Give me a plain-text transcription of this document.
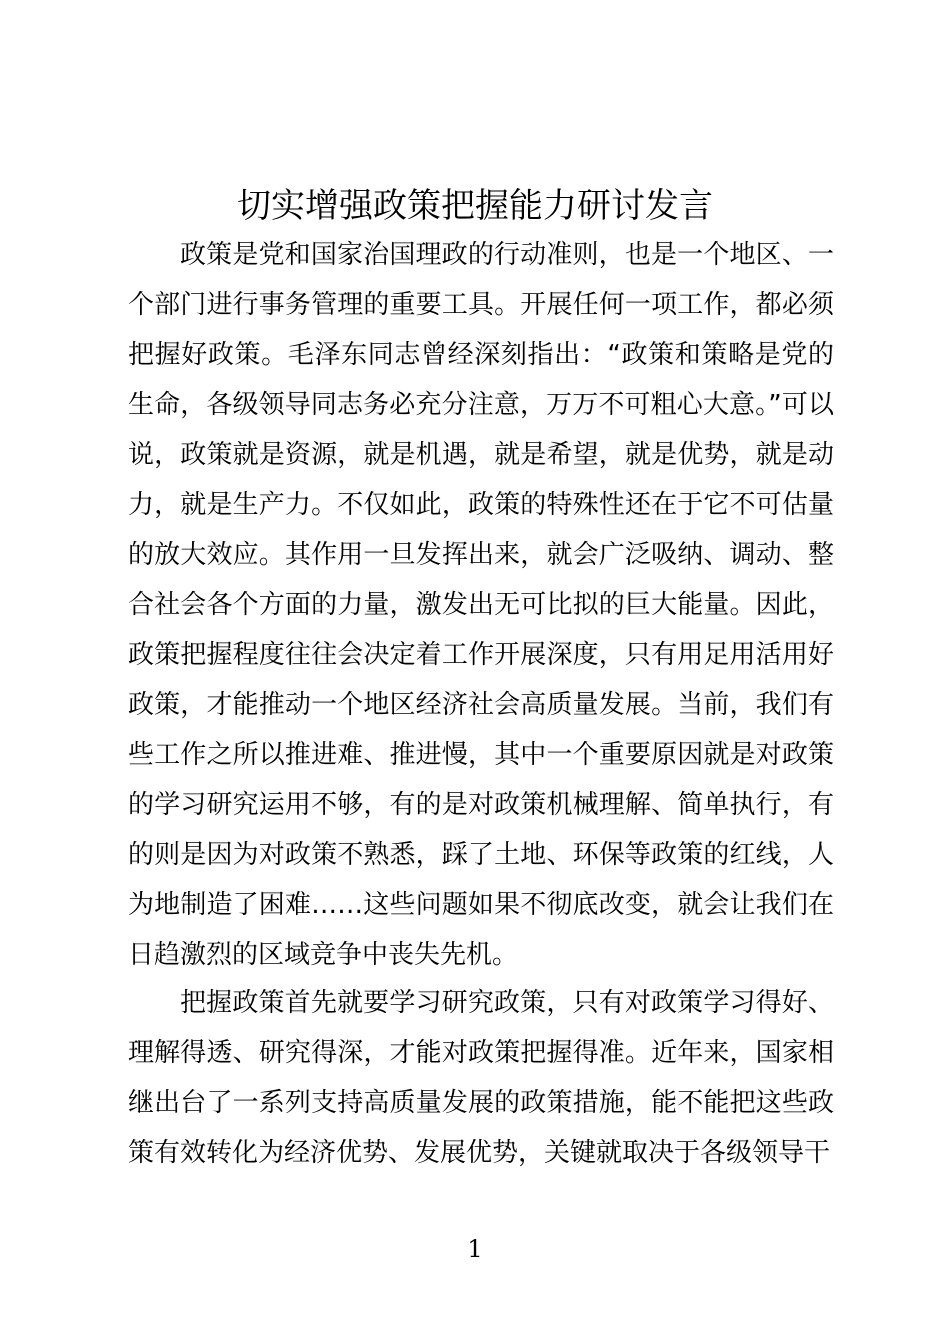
切实增强政策把握能力研讨发言

政策是党和国家治国理政的行动准则，也是一个地区、一个部门进行事务管理的重要工具。开展任何一项工作，都必须把握好政策。毛泽东同志曾经深刻指出：“政策和策略是党的生命，各级领导同志务必充分注意，万万不可粗心大意。”可以说，政策就是资源，就是机遇，就是希望，就是优势，就是动力，就是生产力。不仅如此，政策的特殊性还在于它不可估量的放大效应。其作用一旦发挥出来，就会广泛吸纳、调动、整合社会各个方面的力量，激发出无可比拟的巨大能量。因此，政策把握程度往往会决定着工作开展深度，只有用足用活用好政策，才能推动一个地区经济社会高质量发展。当前，我们有些工作之所以推进难、推进慢，其中一个重要原因就是对政策的学习研究运用不够，有的是对政策机械理解、简单执行，有的则是因为对政策不熟悉，踩了土地、环保等政策的红线，人为地制造了困难……这些问题如果不彻底改变，就会让我们在日趋激烈的区域竞争中丧失先机。

把握政策首先就要学习研究政策，只有对政策学习得好、理解得透、研究得深，才能对政策把握得准。近年来，国家相继出台了一系列支持高质量发展的政策措施，能不能把这些政策有效转化为经济优势、发展优势，关键就取决于各级领导干

1
